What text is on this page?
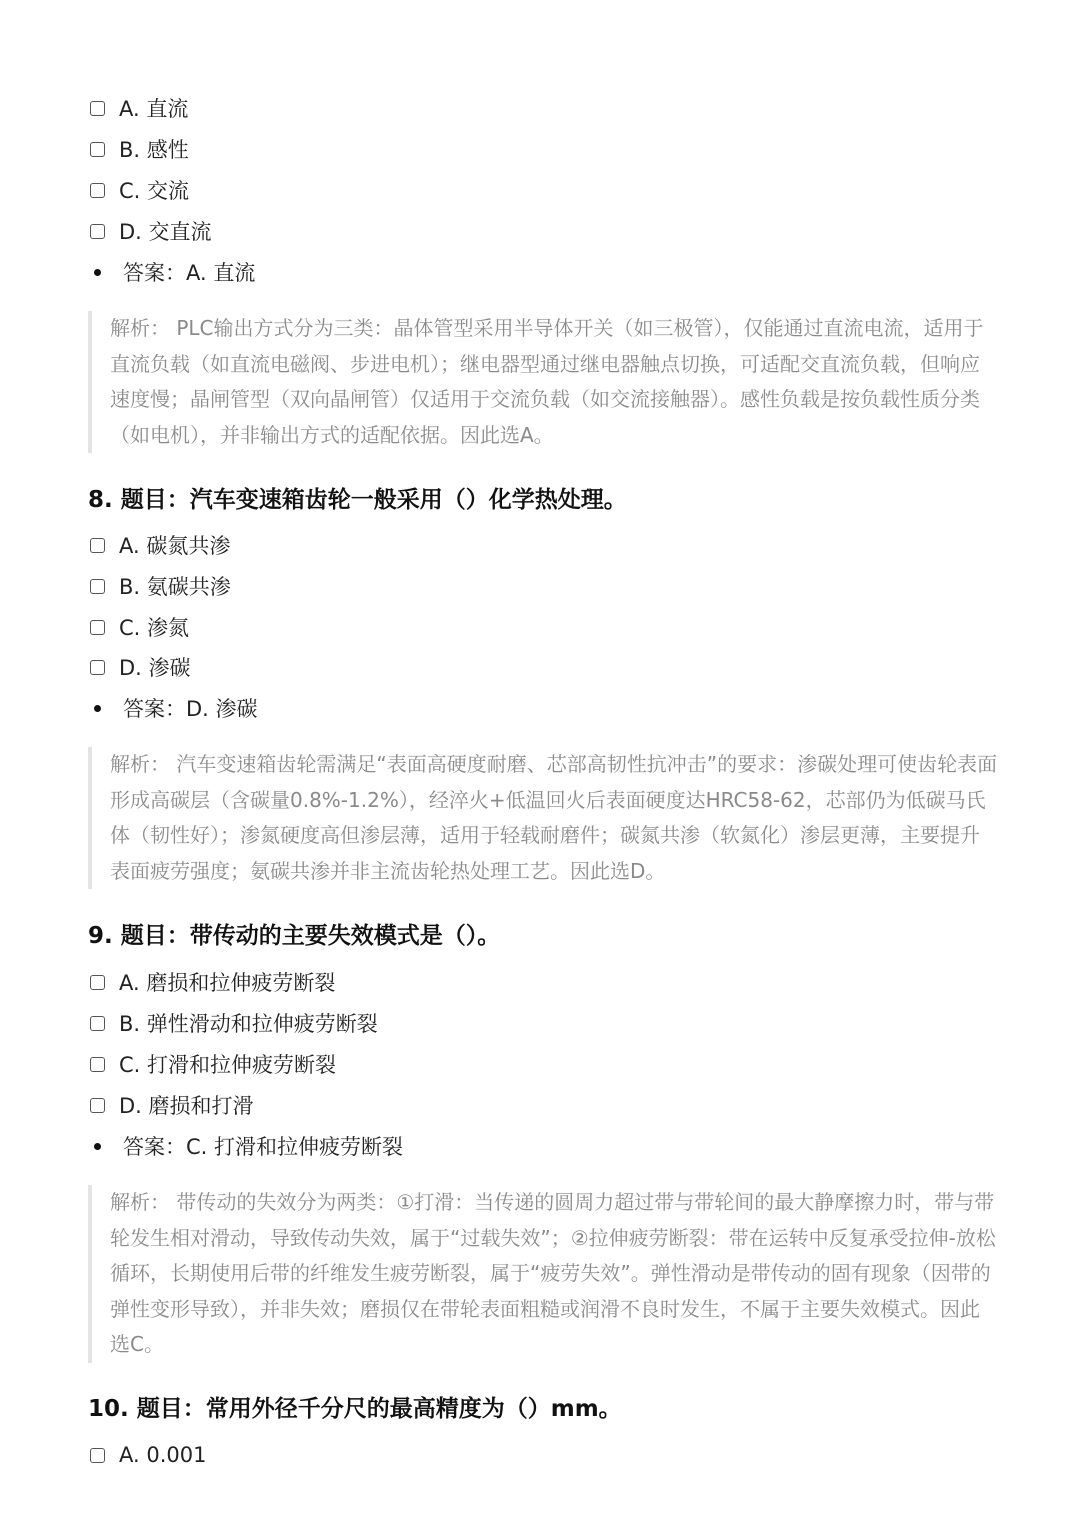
A. 直流
B. 感性
C. 交流
D. 交直流
答案：A. 直流
解析： PLC输出方式分为三类：晶体管型采用半导体开关（如三极管），仅能通过直流电流，适用于直流负载（如直流电磁阀、步进电机）；继电器型通过继电器触点切换，可适配交直流负载，但响应速度慢；晶闸管型（双向晶闸管）仅适用于交流负载（如交流接触器）。感性负载是按负载性质分类（如电机），并非输出方式的适配依据。因此选A。
8. 题目：汽车变速箱齿轮一般采用（）化学热处理。
A. 碳氮共渗
B. 氨碳共渗
C. 渗氮
D. 渗碳
答案：D. 渗碳
解析： 汽车变速箱齿轮需满足“表面高硬度耐磨、芯部高韧性抗冲击”的要求：渗碳处理可使齿轮表面形成高碳层（含碳量0.8%-1.2%），经淬火+低温回火后表面硬度达HRC58-62，芯部仍为低碳马氏体（韧性好）；渗氮硬度高但渗层薄，适用于轻载耐磨件；碳氮共渗（软氮化）渗层更薄，主要提升表面疲劳强度；氨碳共渗并非主流齿轮热处理工艺。因此选D。
9. 题目：带传动的主要失效模式是（）。
A. 磨损和拉伸疲劳断裂
B. 弹性滑动和拉伸疲劳断裂
C. 打滑和拉伸疲劳断裂
D. 磨损和打滑
答案：C. 打滑和拉伸疲劳断裂
解析： 带传动的失效分为两类：①打滑：当传递的圆周力超过带与带轮间的最大静摩擦力时，带与带轮发生相对滑动，导致传动失效，属于“过载失效”；②拉伸疲劳断裂：带在运转中反复承受拉伸-放松循环，长期使用后带的纤维发生疲劳断裂，属于“疲劳失效”。弹性滑动是带传动的固有现象（因带的弹性变形导致），并非失效；磨损仅在带轮表面粗糙或润滑不良时发生，不属于主要失效模式。因此选C。
10. 题目：常用外径千分尺的最高精度为（）mm。
A. 0.001
